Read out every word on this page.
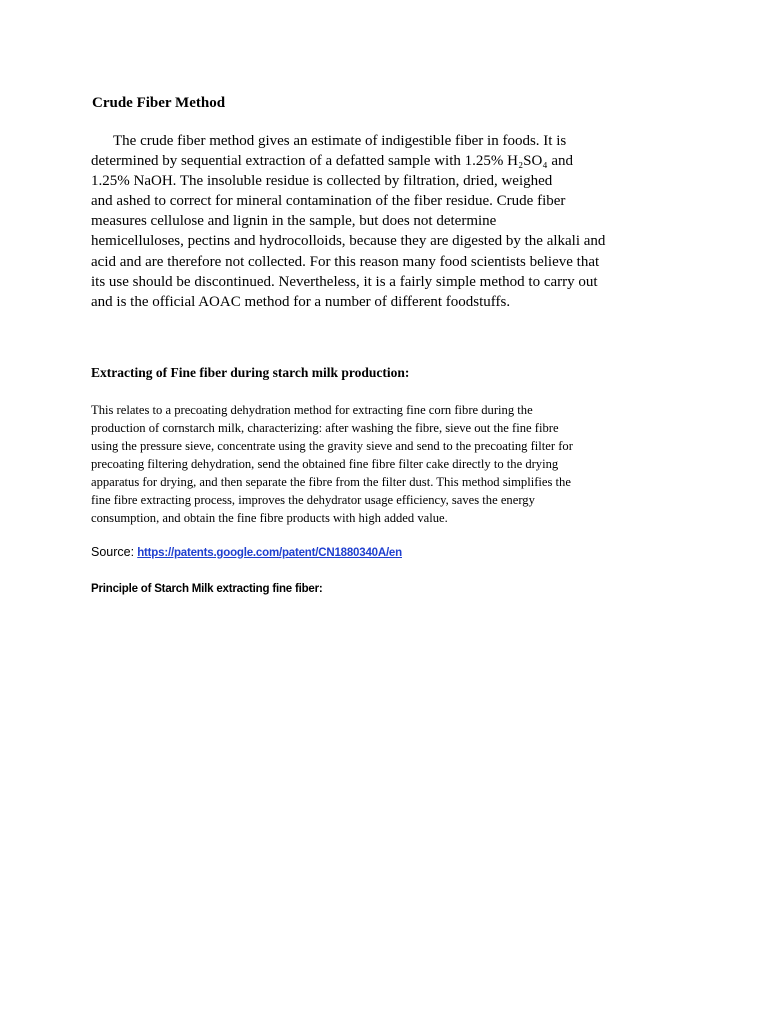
Crude Fiber Method
The crude fiber method gives an estimate of indigestible fiber in foods. It is
determined by sequential extraction of a defatted sample with 1.25% H₂SO₄ and
1.25% NaOH. The insoluble residue is collected by filtration, dried, weighed
and ashed to correct for mineral contamination of the fiber residue. Crude fiber
measures cellulose and lignin in the sample, but does not determine
hemicelluloses, pectins and hydrocolloids, because they are digested by the alkali and
acid and are therefore not collected. For this reason many food scientists believe that
its use should be discontinued. Nevertheless, it is a fairly simple method to carry out
and is the official AOAC method for a number of different foodstuffs.
Extracting of Fine fiber during starch milk production:
This relates to a precoating dehydration method for extracting fine corn fibre during the
production of cornstarch milk, characterizing: after washing the fibre, sieve out the fine fibre
using the pressure sieve, concentrate using the gravity sieve and send to the precoating filter for
precoating filtering dehydration, send the obtained fine fibre filter cake directly to the drying
apparatus for drying, and then separate the fibre from the filter dust. This method simplifies the
fine fibre extracting process, improves the dehydrator usage efficiency, saves the energy
consumption, and obtain the fine fibre products with high added value.
Source: https://patents.google.com/patent/CN1880340A/en
Principle of Starch Milk extracting fine fiber:
